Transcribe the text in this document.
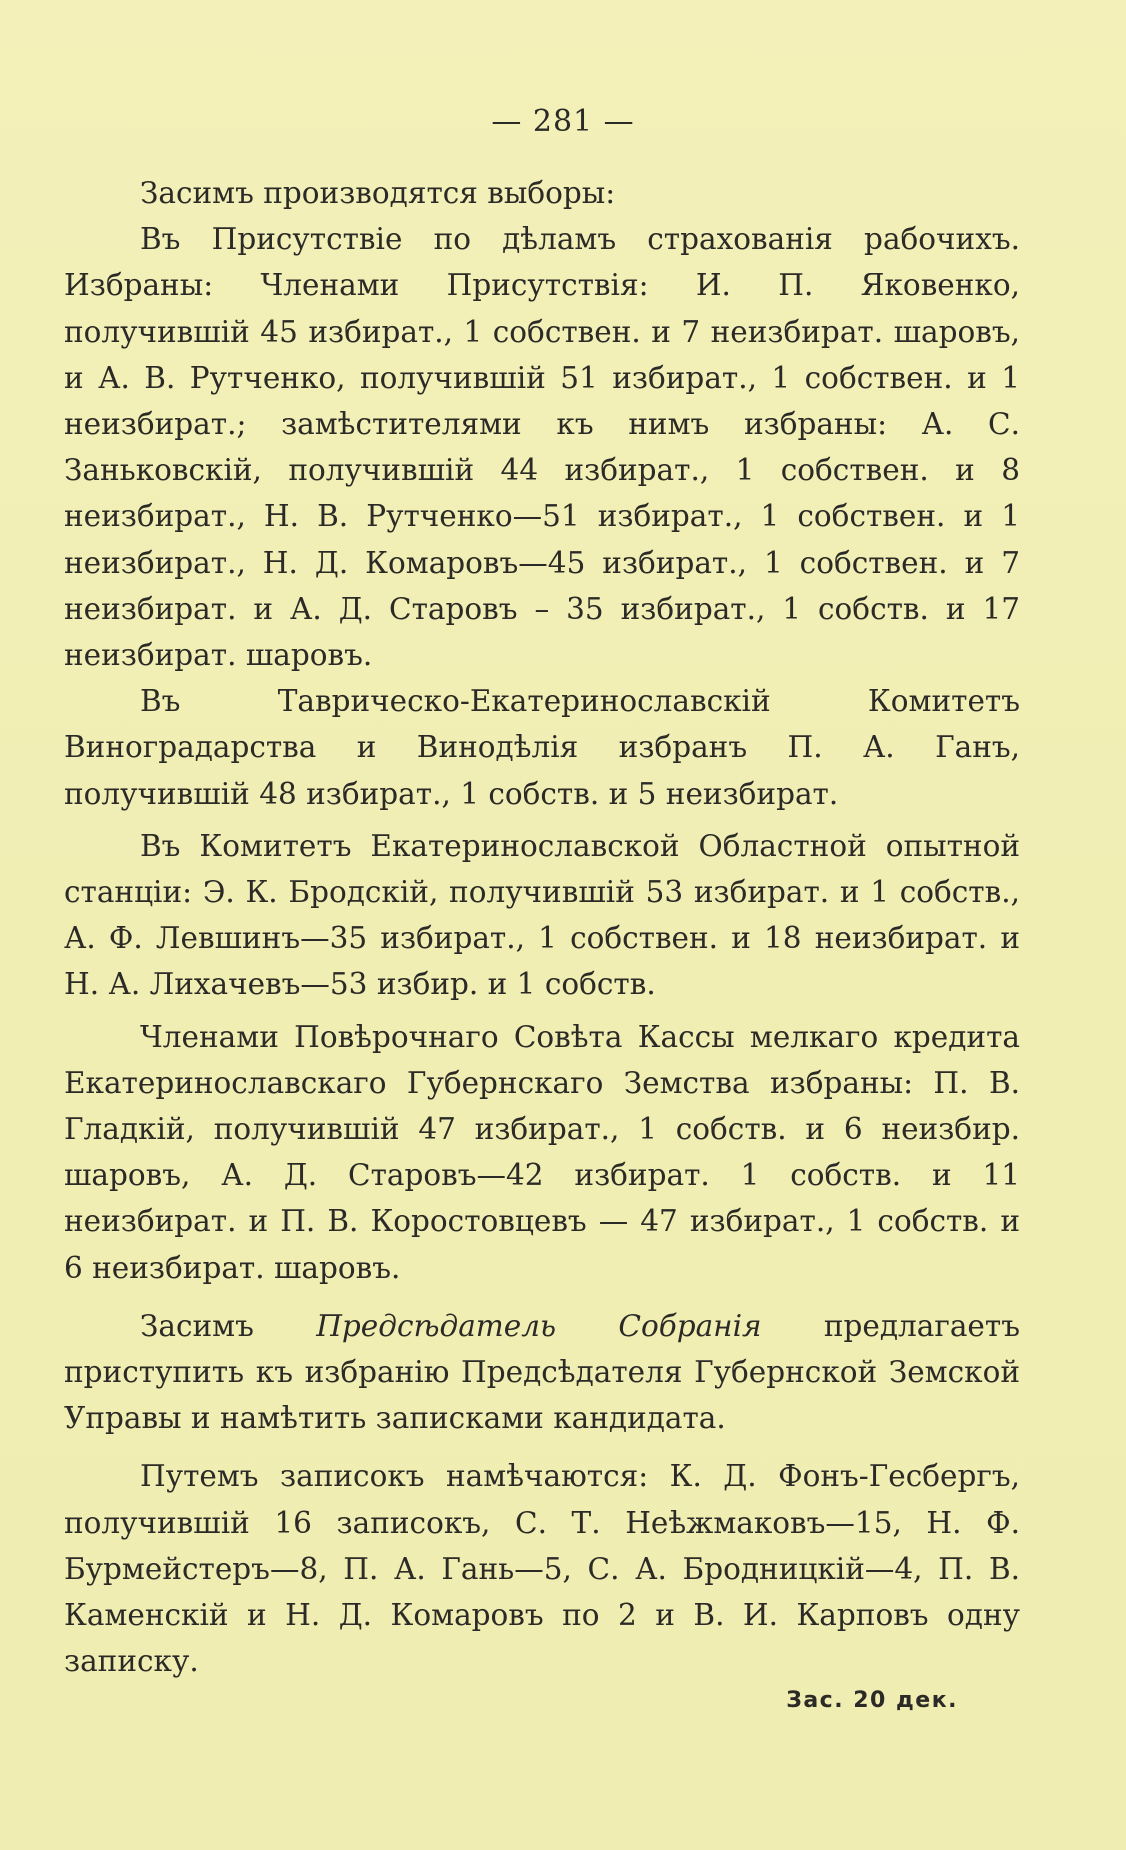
— 281 —

Засимъ производятся выборы:

Въ Присутствіе по дѣламъ страхованія рабочихъ. Избраны: Членами Присутствія: И. П. Яковенко, получившій 45 избират., 1 собствен. и 7 неизбират. шаровъ, и А. В. Рутченко, получившій 51 избират., 1 собствен. и 1 неизбират.; замѣстителями къ нимъ избраны: А. С. Заньковскій, получившій 44 избират., 1 собствен. и 8 неизбират., Н. В. Рутченко—51 избират., 1 собствен. и 1 неизбират., Н. Д. Комаровъ—45 избират., 1 собствен. и 7 неизбират. и А. Д. Старовъ – 35 избират., 1 собств. и 17 неизбират. шаровъ.

Въ Таврическо-Екатеринославскій Комитетъ Виноградарства и Винодѣлія избранъ П. А. Ганъ, получившій 48 избират., 1 собств. и 5 неизбират.

Въ Комитетъ Екатеринославской Областной опытной станціи: Э. К. Бродскій, получившій 53 избират. и 1 собств., А. Ф. Левшинъ—35 избират., 1 собствен. и 18 неизбират. и Н. А. Лихачевъ—53 избир. и 1 собств.

Членами Повѣрочнаго Совѣта Кассы мелкаго кредита Екатеринославскаго Губернскаго Земства избраны: П. В. Гладкій, получившій 47 избират., 1 собств. и 6 неизбир. шаровъ, А. Д. Старовъ—42 избират. 1 собств. и 11 неизбират. и П. В. Коростовцевъ — 47 избират., 1 собств. и 6 неизбират. шаровъ.

Засимъ Предсѣдатель Собранія предлагаетъ приступить къ избранію Предсѣдателя Губернской Земской Управы и намѣтить записками кандидата.

Путемъ записокъ намѣчаются: К. Д. Фонъ-Гесбергъ, получившій 16 записокъ, С. Т. Неѣжмаковъ—15, Н. Ф. Бурмейстеръ—8, П. А. Гань—5, С. А. Бродницкій—4, П. В. Каменскій и Н. Д. Комаровъ по 2 и В. И. Карповъ одну записку.

Зас. 20 дек.
